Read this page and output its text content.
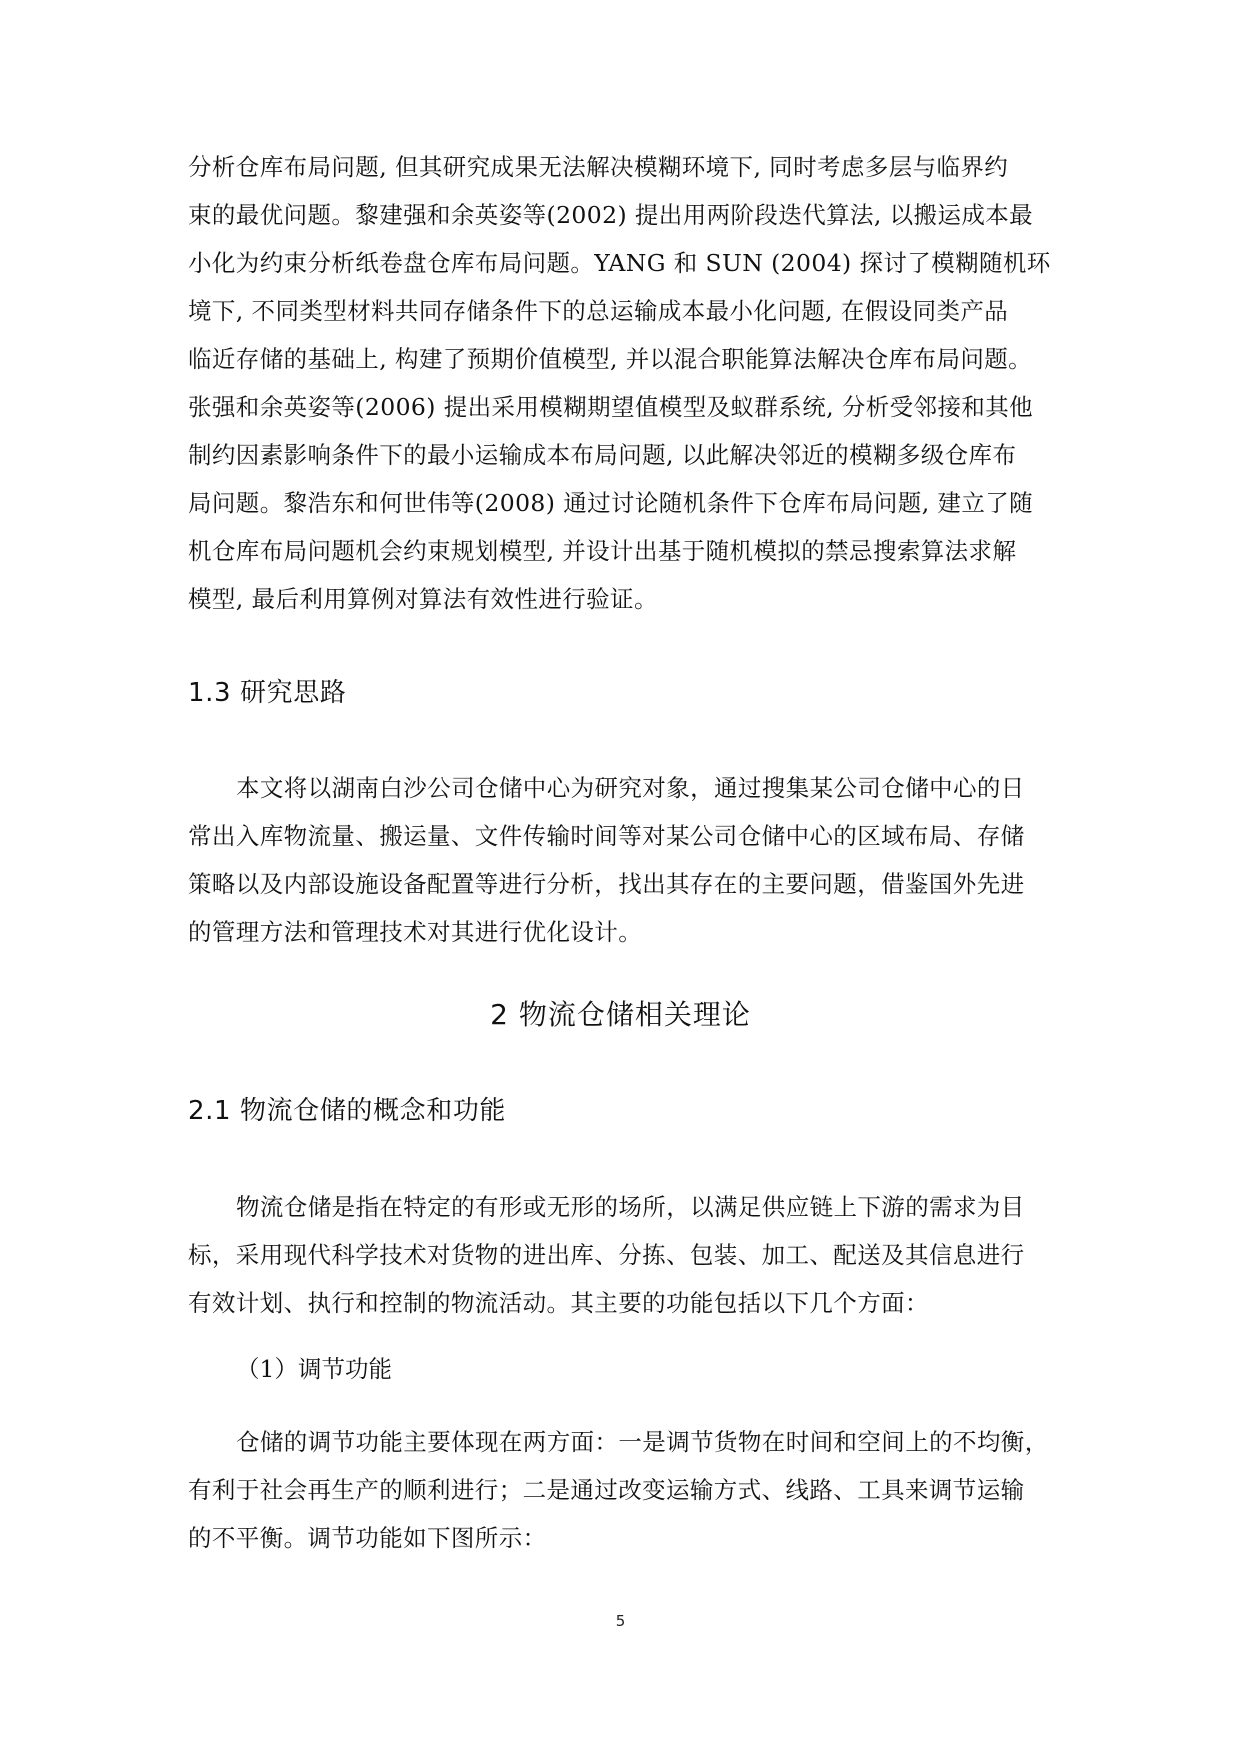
分析仓库布局问题, 但其研究成果无法解决模糊环境下, 同时考虑多层与临界约
束的最优问题。黎建强和余英姿等(2002) 提出用两阶段迭代算法, 以搬运成本最
小化为约束分析纸卷盘仓库布局问题。YANG 和 SUN (2004) 探讨了模糊随机环
境下, 不同类型材料共同存储条件下的总运输成本最小化问题, 在假设同类产品
临近存储的基础上, 构建了预期价值模型, 并以混合职能算法解决仓库布局问题。
张强和余英姿等(2006) 提出采用模糊期望值模型及蚁群系统, 分析受邻接和其他
制约因素影响条件下的最小运输成本布局问题, 以此解决邻近的模糊多级仓库布
局问题。黎浩东和何世伟等(2008) 通过讨论随机条件下仓库布局问题, 建立了随
机仓库布局问题机会约束规划模型, 并设计出基于随机模拟的禁忌搜索算法求解
模型, 最后利用算例对算法有效性进行验证。

1.3 研究思路

本文将以湖南白沙公司仓储中心为研究对象，通过搜集某公司仓储中心的日
常出入库物流量、搬运量、文件传输时间等对某公司仓储中心的区域布局、存储
策略以及内部设施设备配置等进行分析，找出其存在的主要问题，借鉴国外先进
的管理方法和管理技术对其进行优化设计。

2 物流仓储相关理论
2.1 物流仓储的概念和功能

物流仓储是指在特定的有形或无形的场所，以满足供应链上下游的需求为目
标，采用现代科学技术对货物的进出库、分拣、包装、加工、配送及其信息进行
有效计划、执行和控制的物流活动。其主要的功能包括以下几个方面：

（1）调节功能

仓储的调节功能主要体现在两方面：一是调节货物在时间和空间上的不均衡，
有利于社会再生产的顺利进行；二是通过改变运输方式、线路、工具来调节运输
的不平衡。调节功能如下图所示：

5
